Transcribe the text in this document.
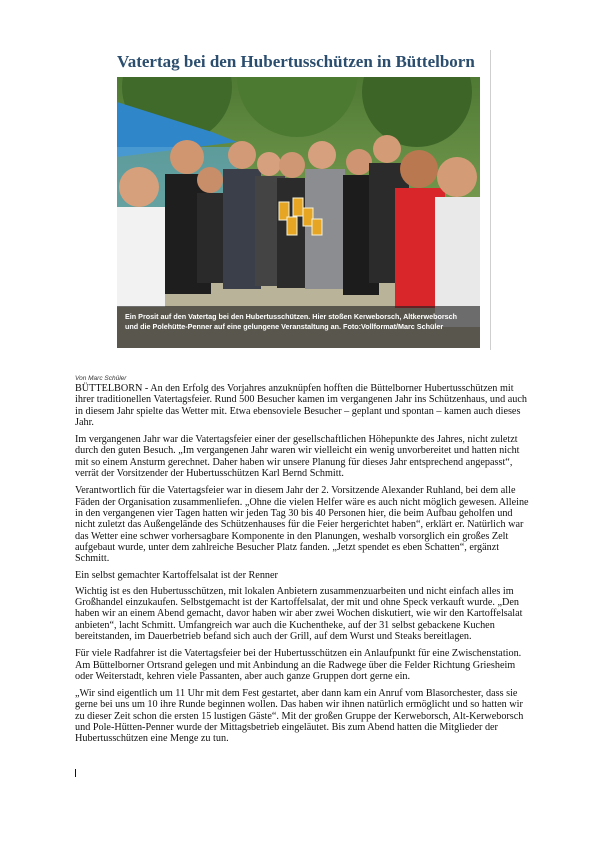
Vatertag bei den Hubertusschützen in Büttelborn
Ein Prosit auf den Vatertag bei den Hubertusschützen. Hier stoßen Kerweborsch, Altkerweborsch und die Polehütte-Penner auf eine gelungene Veranstaltung an. Foto:Vollformat/Marc Schüler
Von Marc Schüler

BÜTTELBORN - An den Erfolg des Vorjahres anzuknüpfen hofften die Büttelborner Hubertusschützen mit ihrer traditionellen Vatertagsfeier. Rund 500 Besucher kamen im vergangenen Jahr ins Schützenhaus, und auch in diesem Jahr spielte das Wetter mit. Etwa ebensoviele Besucher – geplant und spontan – kamen auch dieses Jahr.

Im vergangenen Jahr war die Vatertagsfeier einer der gesellschaftlichen Höhepunkte des Jahres, nicht zuletzt durch den guten Besuch. „Im vergangenen Jahr waren wir vielleicht ein wenig unvorbereitet und hatten nicht mit so einem Ansturm gerechnet. Daher haben wir unsere Planung für dieses Jahr entsprechend angepasst“, verrät der Vorsitzender der Hubertusschützen Karl Bernd Schmitt.

Verantwortlich für die Vatertagsfeier war in diesem Jahr der 2. Vorsitzende Alexander Ruhland, bei dem alle Fäden der Organisation zusammenliefen. „Ohne die vielen Helfer wäre es auch nicht möglich gewesen. Alleine in den vergangenen vier Tagen hatten wir jeden Tag 30 bis 40 Personen hier, die beim Aufbau geholfen und nicht zuletzt das Außengelände des Schützenhauses für die Feier hergerichtet haben“, erklärt er. Natürlich war das Wetter eine schwer vorhersagbare Komponente in den Planungen, weshalb vorsorglich ein großes Zelt aufgebaut wurde, unter dem zahlreiche Besucher Platz fanden. „Jetzt spendet es eben Schatten“, ergänzt Schmitt.

Ein selbst gemachter Kartoffelsalat ist der Renner

Wichtig ist es den Hubertusschützen, mit lokalen Anbietern zusammenzuarbeiten und nicht einfach alles im Großhandel einzukaufen. Selbstgemacht ist der Kartoffelsalat, der mit und ohne Speck verkauft wurde. „Den haben wir an einem Abend gemacht, davor haben wir aber zwei Wochen diskutiert, wie wir den Kartoffelsalat anbieten“, lacht Schmitt. Umfangreich war auch die Kuchentheke, auf der 31 selbst gebackene Kuchen bereitstanden, im Dauerbetrieb befand sich auch der Grill, auf dem Wurst und Steaks bereitlagen.

Für viele Radfahrer ist die Vatertagsfeier bei der Hubertusschützen ein Anlaufpunkt für eine Zwischenstation. Am Büttelborner Ortsrand gelegen und mit Anbindung an die Radwege über die Felder Richtung Griesheim oder Weiterstadt, kehren viele Passanten, aber auch ganze Gruppen dort gerne ein.

„Wir sind eigentlich um 11 Uhr mit dem Fest gestartet, aber dann kam ein Anruf vom Blasorchester, dass sie gerne bei uns um 10 ihre Runde beginnen wollen. Das haben wir ihnen natürlich ermöglicht und so hatten wir zu dieser Zeit schon die ersten 15 lustigen Gäste“. Mit der großen Gruppe der Kerweborsch, Alt-Kerweborsch und Pole-Hütten-Penner wurde der Mittagsbetrieb eingeläutet. Bis zum Abend hatten die Mitglieder der Hubertusschützen eine Menge zu tun.
